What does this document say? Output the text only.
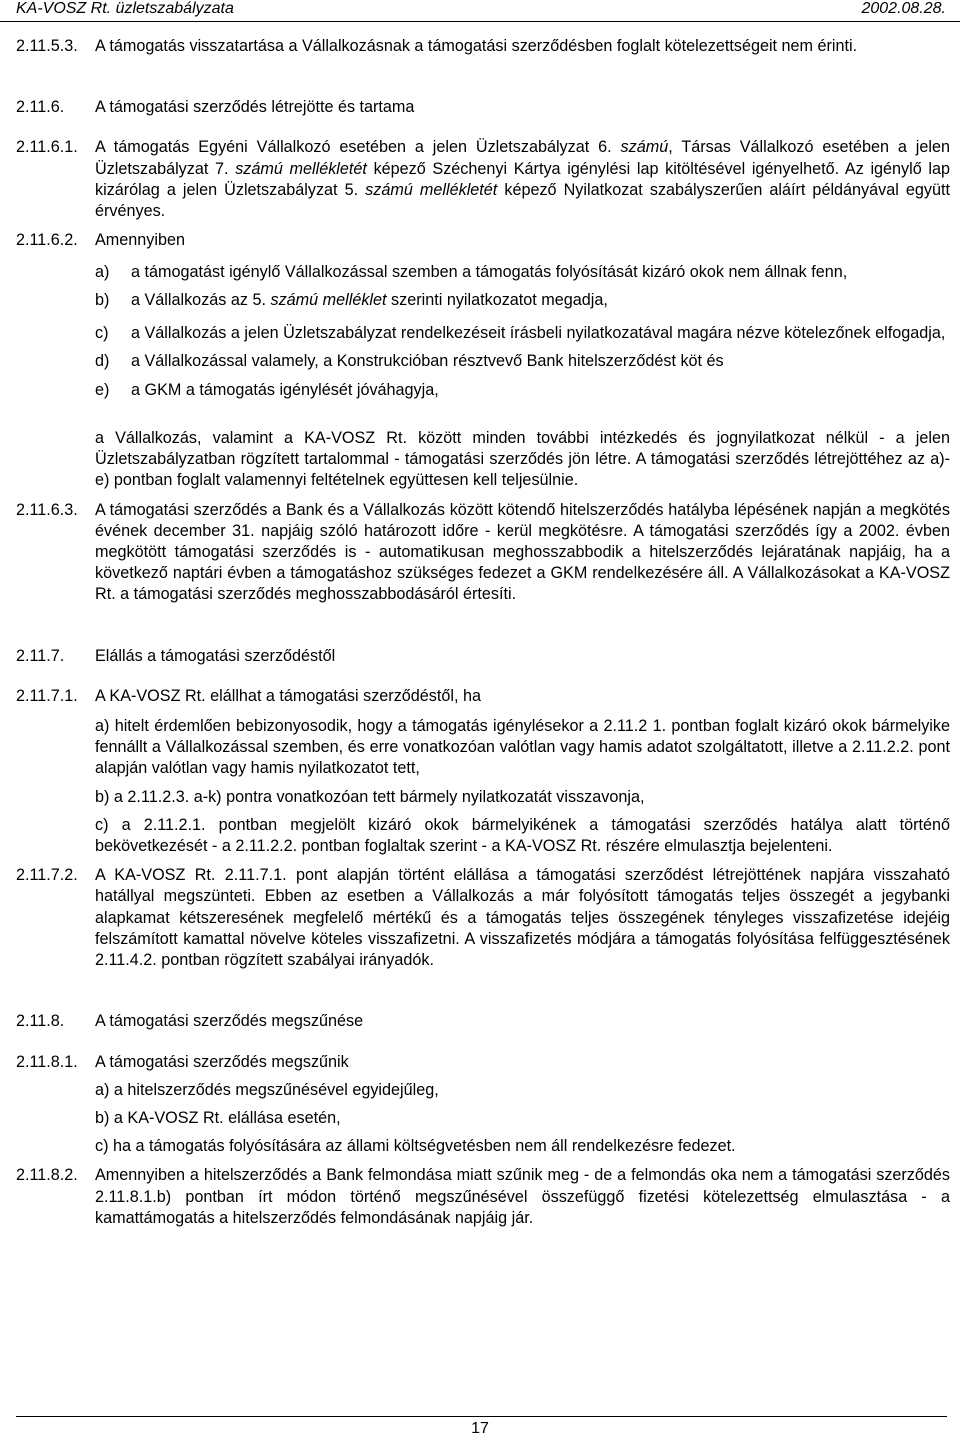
KA-VOSZ Rt. üzletszabályzata	2002.08.28.
2.11.5.3.	A támogatás visszatartása a Vállalkozásnak a támogatási szerződésben foglalt kötelezettségeit nem érinti.
2.11.6.	A támogatási szerződés létrejötte és tartama
2.11.6.1.	A támogatás Egyéni Vállalkozó esetében a jelen Üzletszabályzat 6. számú, Társas Vállalkozó esetében a jelen Üzletszabályzat 7. számú mellékletét képező Széchenyi Kártya igénylési lap kitöltésével igényelhető. Az igénylő lap kizárólag a jelen Üzletszabályzat 5. számú mellékletét képező Nyilatkozat szabályszerűen aláírt példányával együtt érvényes.
2.11.6.2.	Amennyiben
a)	a támogatást igénylő Vállalkozással szemben a támogatás folyósítását kizáró okok nem állnak fenn,
b)	a Vállalkozás az 5. számú melléklet szerinti nyilatkozatot megadja,
c)	a Vállalkozás a jelen Üzletszabályzat rendelkezéseit írásbeli nyilatkozatával magára nézve kötelezőnek elfogadja,
d)	a Vállalkozással valamely, a Konstrukcióban résztvevő Bank hitelszerződést köt és
e)	a GKM a támogatás igénylését jóváhagyja,
a Vállalkozás, valamint a KA-VOSZ Rt. között minden további intézkedés és jognyilatkozat nélkül - a jelen Üzletszabályzatban rögzített tartalommal - támogatási szerződés jön létre. A támogatási szerződés létrejöttéhez az a)-e) pontban foglalt valamennyi feltételnek együttesen kell teljesülnie.
2.11.6.3.	A támogatási szerződés a Bank és a Vállalkozás között kötendő hitelszerződés hatályba lépésének napján a megkötés évének december 31. napjáig szóló határozott időre - kerül megkötésre. A támogatási szerződés így a 2002. évben megkötött támogatási szerződés is - automatikusan meghosszabbodik a hitelszerződés lejáratának napjáig, ha a következő naptári évben a támogatáshoz szükséges fedezet a GKM rendelkezésére áll. A Vállalkozásokat a KA-VOSZ Rt. a támogatási szerződés meghosszabbodásáról értesíti.
2.11.7.	Elállás a támogatási szerződéstől
2.11.7.1.	A KA-VOSZ Rt. elállhat a támogatási szerződéstől, ha
a) hitelt érdemlően bebizonyosodik, hogy a támogatás igénylésekor a 2.11.2 1. pontban foglalt kizáró okok bármelyike fennállt a Vállalkozással szemben, és erre vonatkozóan valótlan vagy hamis adatot szolgáltatott, illetve a 2.11.2.2. pont alapján valótlan vagy hamis nyilatkozatot tett,
b) a 2.11.2.3. a-k) pontra vonatkozóan tett bármely nyilatkozatát visszavonja,
c) a 2.11.2.1. pontban megjelölt kizáró okok bármelyikének a támogatási szerződés hatálya alatt történő bekövetkezését - a 2.11.2.2. pontban foglaltak szerint - a KA-VOSZ Rt. részére elmulasztja bejelenteni.
2.11.7.2.	A KA-VOSZ Rt. 2.11.7.1. pont alapján történt elállása a támogatási szerződést létrejöttének napjára visszaható hatállyal megszünteti. Ebben az esetben a Vállalkozás a már folyósított támogatás teljes összegét a jegybanki alapkamat kétszeresének megfelelő mértékű és a támogatás teljes összegének tényleges visszafizetése idejéig felszámított kamattal növelve köteles visszafizetni. A visszafizetés módjára a támogatás folyósítása felfüggesztésének 2.11.4.2. pontban rögzített szabályai irányadók.
2.11.8.	A támogatási szerződés megszűnése
2.11.8.1.	A támogatási szerződés megszűnik
a) a hitelszerződés megszűnésével egyidejűleg,
b) a KA-VOSZ Rt. elállása esetén,
c) ha a támogatás folyósítására az állami költségvetésben nem áll rendelkezésre fedezet.
2.11.8.2.	Amennyiben a hitelszerződés a Bank felmondása miatt szűnik meg - de a felmondás oka nem a támogatási szerződés 2.11.8.1.b) pontban írt módon történő megszűnésével összefüggő fizetési kötelezettség elmulasztása - a kamattámogatás a hitelszerződés felmondásának napjáig jár.
17
